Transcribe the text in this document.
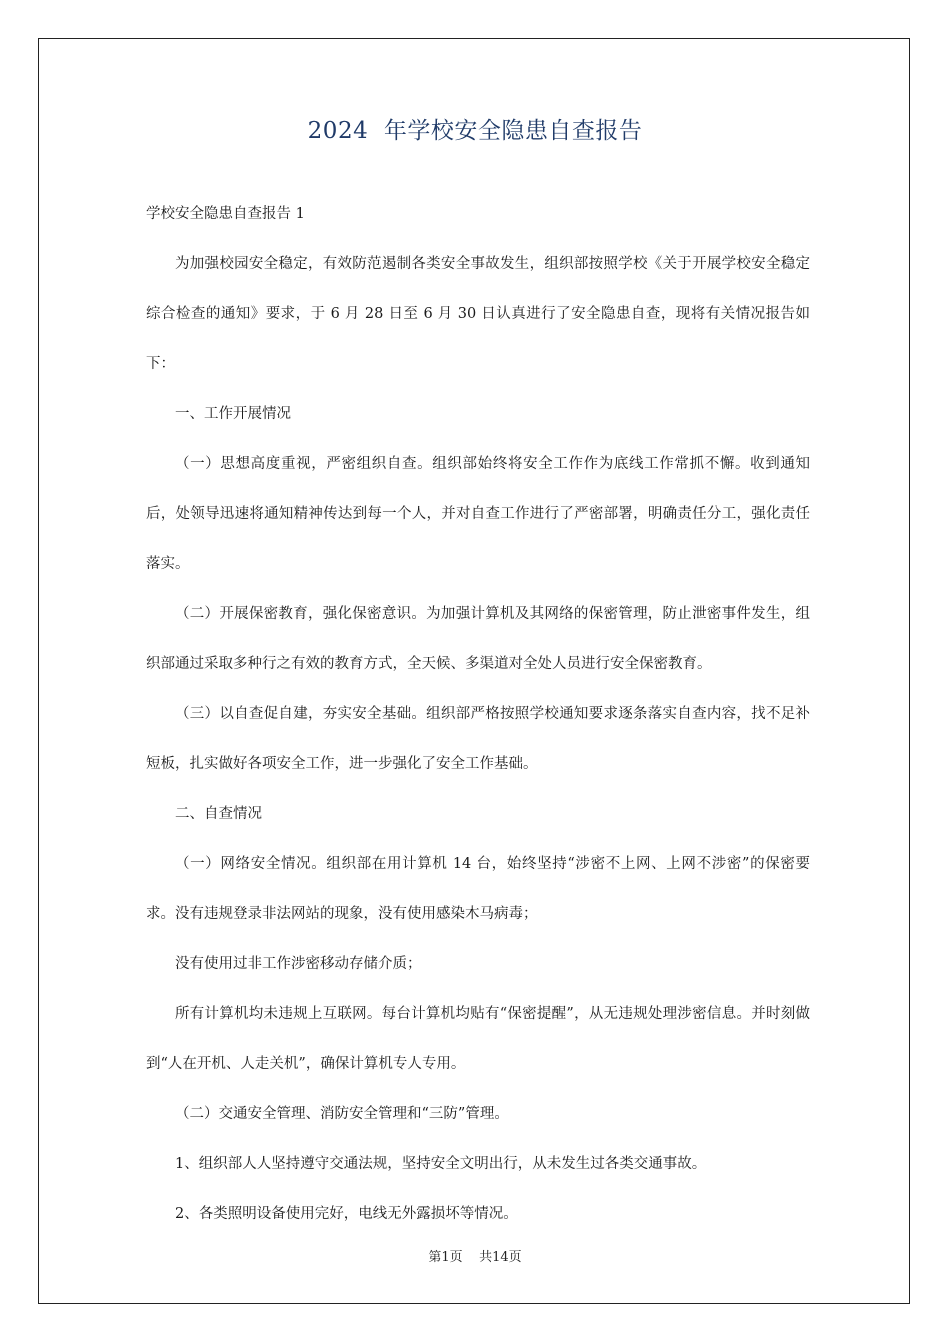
2024  年学校安全隐患自查报告

学校安全隐患自查报告 1

为加强校园安全稳定，有效防范遏制各类安全事故发生，组织部按照学校《关于开展学校安全稳定综合检查的通知》要求，于 6 月 28 日至 6 月 30 日认真进行了安全隐患自查，现将有关情况报告如下：

一、工作开展情况

（一）思想高度重视，严密组织自查。组织部始终将安全工作作为底线工作常抓不懈。收到通知后，处领导迅速将通知精神传达到每一个人，并对自查工作进行了严密部署，明确责任分工，强化责任落实。

（二）开展保密教育，强化保密意识。为加强计算机及其网络的保密管理，防止泄密事件发生，组织部通过采取多种行之有效的教育方式，全天候、多渠道对全处人员进行安全保密教育。

（三）以自查促自建，夯实安全基础。组织部严格按照学校通知要求逐条落实自查内容，找不足补短板，扎实做好各项安全工作，进一步强化了安全工作基础。

二、自查情况

（一）网络安全情况。组织部在用计算机 14 台，始终坚持“涉密不上网、上网不涉密”的保密要求。没有违规登录非法网站的现象，没有使用感染木马病毒；

没有使用过非工作涉密移动存储介质；

所有计算机均未违规上互联网。每台计算机均贴有“保密提醒”，从无违规处理涉密信息。并时刻做到“人在开机、人走关机”，确保计算机专人专用。

（二）交通安全管理、消防安全管理和“三防”管理。

1、组织部人人坚持遵守交通法规，坚持安全文明出行，从未发生过各类交通事故。

2、各类照明设备使用完好，电线无外露损坏等情况。

第1页    共14页
